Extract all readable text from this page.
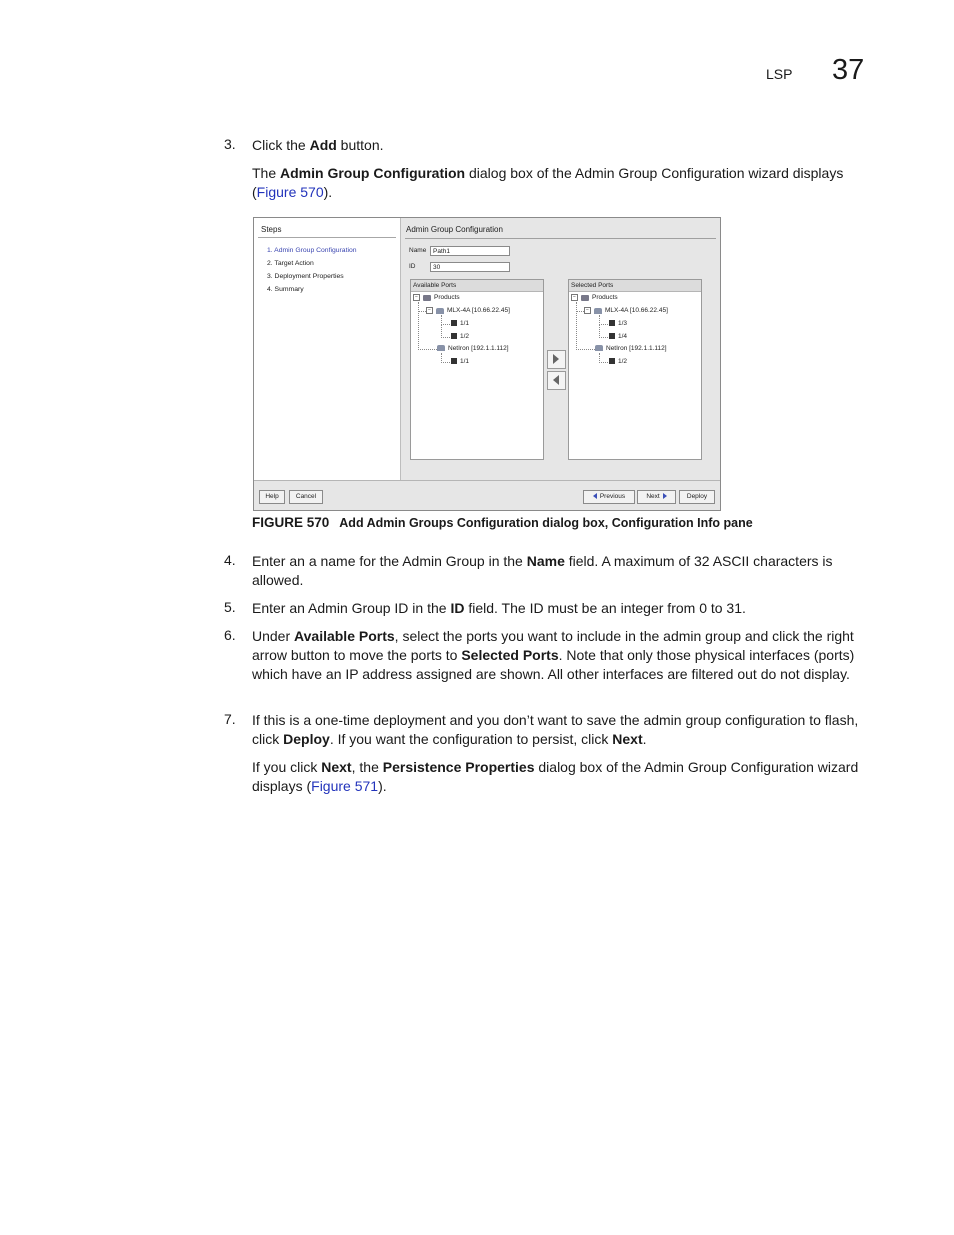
LSP 37
3. Click the Add button.
The Admin Group Configuration dialog box of the Admin Group Configuration wizard displays (Figure 570).
Steps
1. Admin Group Configuration
2. Target Action
3. Deployment Properties
4. Summary
Admin Group Configuration
Name	Path1
ID	30
Available Ports
− Products
− MLX-4A [10.66.22.45]
1/1
1/2
NetIron [192.1.1.112]
1/1
Selected Ports
− Products
− MLX-4A [10.66.22.45]
1/3
1/4
NetIron [192.1.1.112]
1/2
Help	Cancel	Previous	Next	Deploy
FIGURE 570 Add Admin Groups Configuration dialog box, Configuration Info pane
4. Enter an a name for the Admin Group in the Name field. A maximum of 32 ASCII characters is allowed.
5. Enter an Admin Group ID in the ID field. The ID must be an integer from 0 to 31.
6. Under Available Ports, select the ports you want to include in the admin group and click the right arrow button to move the ports to Selected Ports. Note that only those physical interfaces (ports) which have an IP address assigned are shown. All other interfaces are filtered out do not display.
7. If this is a one-time deployment and you don’t want to save the admin group configuration to flash, click Deploy. If you want the configuration to persist, click Next.
If you click Next, the Persistence Properties dialog box of the Admin Group Configuration wizard displays (Figure 571).
